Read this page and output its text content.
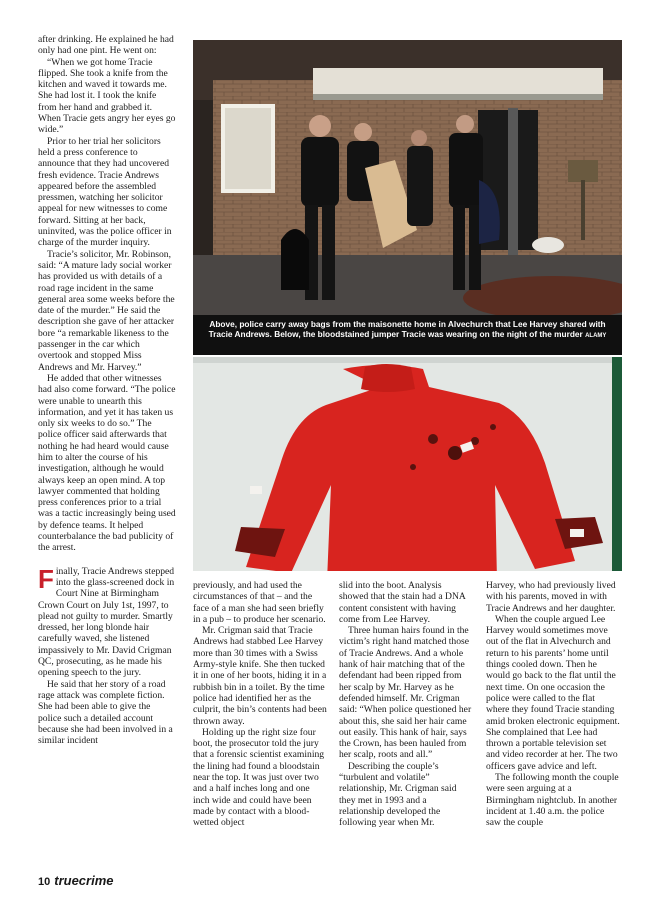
after drinking. He explained he had only had one pint. He went on:

“When we got home Tracie flipped. She took a knife from the kitchen and waved it towards me. She had lost it. I took the knife from her hand and grabbed it. When Tracie gets angry her eyes go wide.”

Prior to her trial her solicitors held a press conference to announce that they had uncovered fresh evidence. Tracie Andrews appeared before the assembled pressmen, watching her solicitor appeal for new witnesses to come forward. Sitting at her back, uninvited, was the police officer in charge of the murder inquiry.

Tracie’s solicitor, Mr. Robinson, said: “A mature lady social worker has provided us with details of a road rage incident in the same general area some weeks before the date of the murder.” He said the description she gave of her attacker bore “a remarkable likeness to the passenger in the car which overtook and stopped Miss Andrews and Mr. Harvey.”

He added that other witnesses had also come forward. “The police were unable to unearth this information, and yet it has taken us only six weeks to do so.” The police officer said afterwards that nothing he had heard would cause him to alter the course of his investigation, although he would always keep an open mind. A top lawyer commented that holding press conferences prior to a trial was a tactic increasingly being used by defence teams. It helped counterbalance the bad publicity of the arrest.

Finally, Tracie Andrews stepped into the glass-screened dock in Court Nine at Birmingham Crown Court on July 1st, 1997, to plead not guilty to murder. Smartly dressed, her long blonde hair carefully waved, she listened impassively to Mr. David Crigman QC, prosecuting, as he made his opening speech to the jury.

He said that her story of a road rage attack was complete fiction. She had been able to give the police such a detailed account because she had been involved in a similar incident

Above, police carry away bags from the maisonette home in Alvechurch that Lee Harvey shared with Tracie Andrews. Below, the bloodstained jumper Tracie was wearing on the night of the murder ALAMY

previously, and had used the circumstances of that – and the face of a man she had seen briefly in a pub – to produce her scenario.

Mr. Crigman said that Tracie Andrews had stabbed Lee Harvey more than 30 times with a Swiss Army-style knife. She then tucked it in one of her boots, hiding it in a rubbish bin in a toilet. By the time police had identified her as the culprit, the bin’s contents had been thrown away.

Holding up the right size four boot, the prosecutor told the jury that a forensic scientist examining the lining had found a bloodstain near the top. It was just over two and a half inches long and one inch wide and could have been made by contact with a blood-wetted object

slid into the boot. Analysis showed that the stain had a DNA content consistent with having come from Lee Harvey.

Three human hairs found in the victim’s right hand matched those of Tracie Andrews. And a whole hank of hair matching that of the defendant had been ripped from her scalp by Mr. Harvey as he defended himself. Mr. Crigman said: “When police questioned her about this, she said her hair came out easily. This hank of hair, says the Crown, has been hauled from her scalp, roots and all.”

Describing the couple’s “turbulent and volatile” relationship, Mr. Crigman said they met in 1993 and a relationship developed the following year when Mr.

Harvey, who had previously lived with his parents, moved in with Tracie Andrews and her daughter.

When the couple argued Lee Harvey would sometimes move out of the flat in Alvechurch and return to his parents’ home until things cooled down. Then he would go back to the flat until the next time. On one occasion the police were called to the flat where they found Tracie standing amid broken electronic equipment. She complained that Lee had thrown a portable television set and video recorder at her. The two officers gave advice and left.

The following month the couple were seen arguing at a Birmingham nightclub. In another incident at 1.40 a.m. the police saw the couple

10 truecrime
